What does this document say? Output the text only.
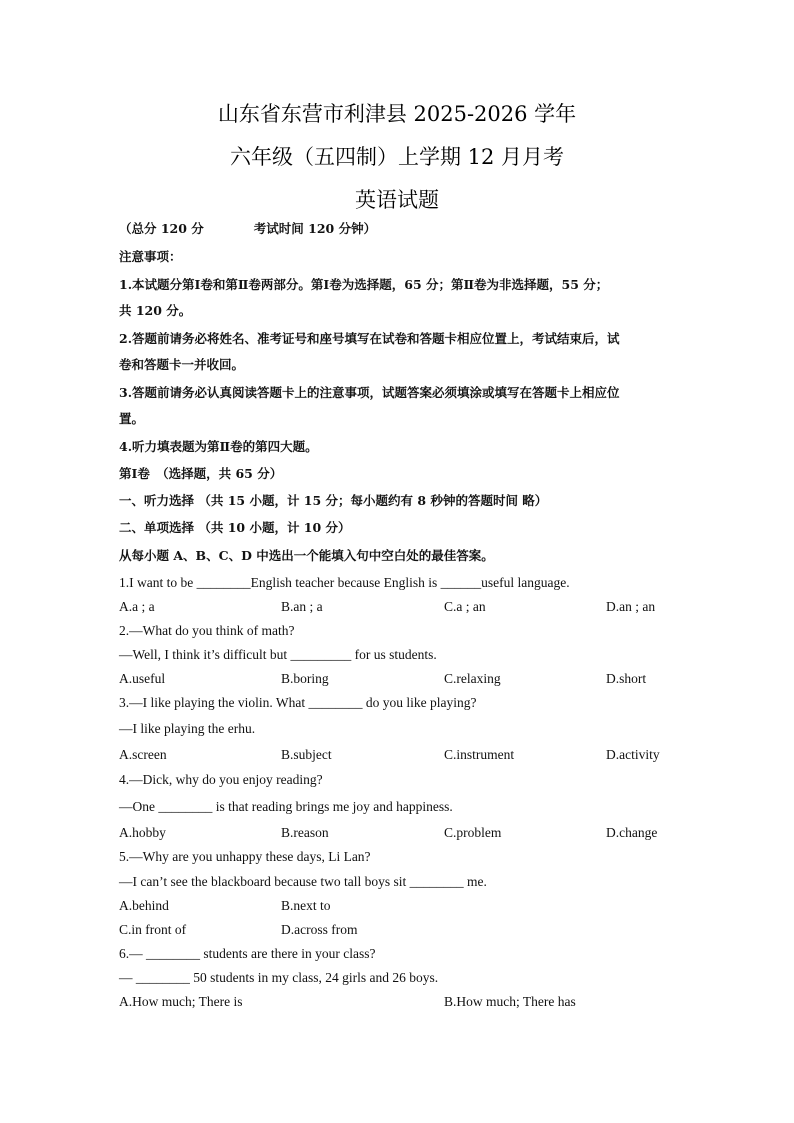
山东省东营市利津县 2025-2026 学年
六年级（五四制）上学期 12 月月考
英语试题
（总分 120 分　　　　考试时间 120 分钟）
注意事项：
1.本试题分第Ⅰ卷和第Ⅱ卷两部分。第Ⅰ卷为选择题，65 分；第Ⅱ卷为非选择题，55 分；
共 120 分。
2.答题前请务必将姓名、准考证号和座号填写在试卷和答题卡相应位置上，考试结束后，试
卷和答题卡一并收回。
3.答题前请务必认真阅读答题卡上的注意事项，试题答案必须填涂或填写在答题卡上相应位
置。
4.听力填表题为第Ⅱ卷的第四大题。
第Ⅰ卷　（选择题，共 65 分）
一、听力选择 （共 15 小题，计 15 分；每小题约有 8 秒钟的答题时间 略）
二、单项选择 （共 10 小题，计 10 分）
从每小题 A、B、C、D 中选出一个能填入句中空白处的最佳答案。
1.I want to be ________English teacher because English is ______useful language.
A.a ; a	B.an ; a	C.a ; an	D.an ; an
2.—What do you think of math?
—Well, I think it’s difficult but _________ for us students.
A.useful	B.boring	C.relaxing	D.short
3.—I like playing the violin. What ________ do you like playing?
—I like playing the erhu.
A.screen	B.subject	C.instrument	D.activity
4.—Dick, why do you enjoy reading?
—One ________ is that reading brings me joy and happiness.
A.hobby	B.reason	C.problem	D.change
5.—Why are you unhappy these days, Li Lan?
—I can’t see the blackboard because two tall boys sit ________ me.
A.behind	B.next to
C.in front of	D.across from
6.— ________ students are there in your class?
— ________ 50 students in my class, 24 girls and 26 boys.
A.How much; There is	B.How much; There has
